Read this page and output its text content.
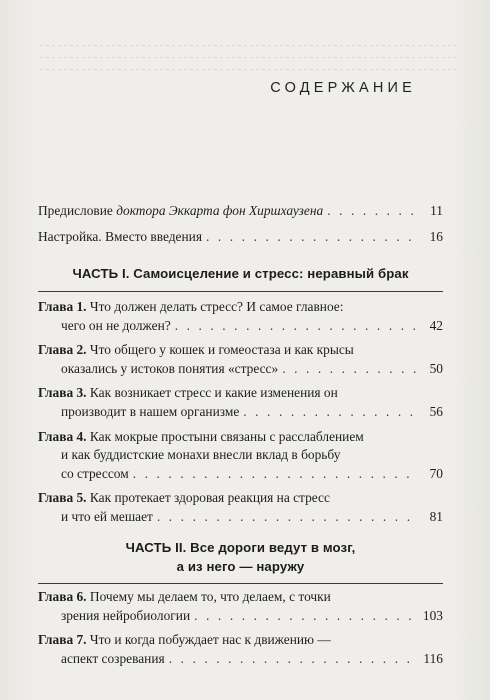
СОДЕРЖАНИЕ
Предисловие доктора Эккарта фон Хиршхаузена . . .	11
Настройка. Вместо введения . . .	16
ЧАСТЬ I. Самоисцеление и стресс: неравный брак
Глава 1. Что должен делать стресс? И самое главное:
чего он не должен? . . .	42
Глава 2. Что общего у кошек и гомеостаза и как крысы
оказались у истоков понятия «стресс» . . .	50
Глава 3. Как возникает стресс и какие изменения он
производит в нашем организме . . .	56
Глава 4. Как мокрые простыни связаны с расслаблением
и как буддистские монахи внесли вклад в борьбу
со стрессом . . .	70
Глава 5. Как протекает здоровая реакция на стресс
и что ей мешает . . .	81
ЧАСТЬ II. Все дороги ведут в мозг,
а из него — наружу
Глава 6. Почему мы делаем то, что делаем, с точки
зрения нейробиологии . . .	103
Глава 7. Что и когда побуждает нас к движению —
аспект созревания . . .	116
